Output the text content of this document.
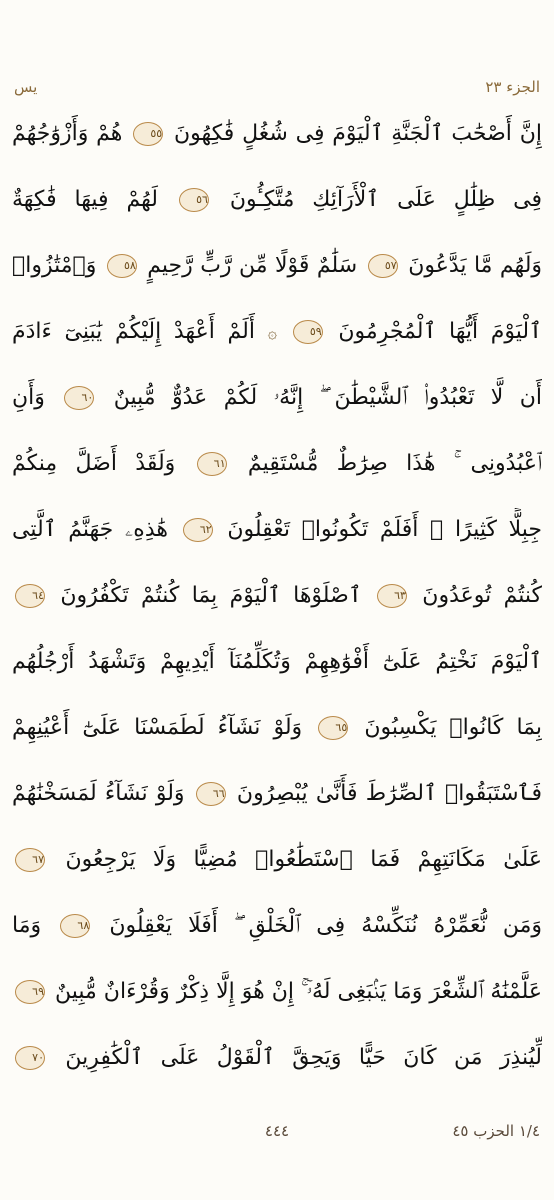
يس	الجزء ٢٣
إِنَّ أَصْحَٰبَ ٱلْجَنَّةِ ٱلْيَوْمَ فِى شُغُلٍ فَٰكِهُونَ ٥٥ هُمْ وَأَزْوَٰجُهُمْ
فِى ظِلَٰلٍ عَلَى ٱلْأَرَآئِكِ مُتَّكِـُٔونَ ٥٦ لَهُمْ فِيهَا فَٰكِهَةٌ
وَلَهُم مَّا يَدَّعُونَ ٥٧ سَلَٰمٌ قَوْلًا مِّن رَّبٍّ رَّحِيمٍ ٥٨ وَٱمْتَٰزُوا۟
ٱلْيَوْمَ أَيُّهَا ٱلْمُجْرِمُونَ ٥٩ ۞ أَلَمْ أَعْهَدْ إِلَيْكُمْ يَٰبَنِىٓ ءَادَمَ
أَن لَّا تَعْبُدُوا۟ ٱلشَّيْطَٰنَ ۖ إِنَّهُۥ لَكُمْ عَدُوٌّ مُّبِينٌ ٦٠ وَأَنِ
ٱعْبُدُونِى ۚ هَٰذَا صِرَٰطٌ مُّسْتَقِيمٌ ٦١ وَلَقَدْ أَضَلَّ مِنكُمْ
جِبِلًّا كَثِيرًا ۖ أَفَلَمْ تَكُونُوا۟ تَعْقِلُونَ ٦٢ هَٰذِهِۦ جَهَنَّمُ ٱلَّتِى
كُنتُمْ تُوعَدُونَ ٦٣ ٱصْلَوْهَا ٱلْيَوْمَ بِمَا كُنتُمْ تَكْفُرُونَ ٦٤
ٱلْيَوْمَ نَخْتِمُ عَلَىٰٓ أَفْوَٰهِهِمْ وَتُكَلِّمُنَآ أَيْدِيهِمْ وَتَشْهَدُ أَرْجُلُهُم
بِمَا كَانُوا۟ يَكْسِبُونَ ٦٥ وَلَوْ نَشَآءُ لَطَمَسْنَا عَلَىٰٓ أَعْيُنِهِمْ
فَٱسْتَبَقُوا۟ ٱلصِّرَٰطَ فَأَنَّىٰ يُبْصِرُونَ ٦٦ وَلَوْ نَشَآءُ لَمَسَخْنَٰهُمْ
عَلَىٰ مَكَانَتِهِمْ فَمَا ٱسْتَطَٰعُوا۟ مُضِيًّا وَلَا يَرْجِعُونَ ٦٧
وَمَن نُّعَمِّرْهُ نُنَكِّسْهُ فِى ٱلْخَلْقِ ۖ أَفَلَا يَعْقِلُونَ ٦٨ وَمَا
عَلَّمْنَٰهُ ٱلشِّعْرَ وَمَا يَنۢبَغِى لَهُۥٓ ۚ إِنْ هُوَ إِلَّا ذِكْرٌ وَقُرْءَانٌ مُّبِينٌ ٦٩
لِّيُنذِرَ مَن كَانَ حَيًّا وَيَحِقَّ ٱلْقَوْلُ عَلَى ٱلْكَٰفِرِينَ ٧٠
٤٤٤	١/٤ الحزب ٤٥
